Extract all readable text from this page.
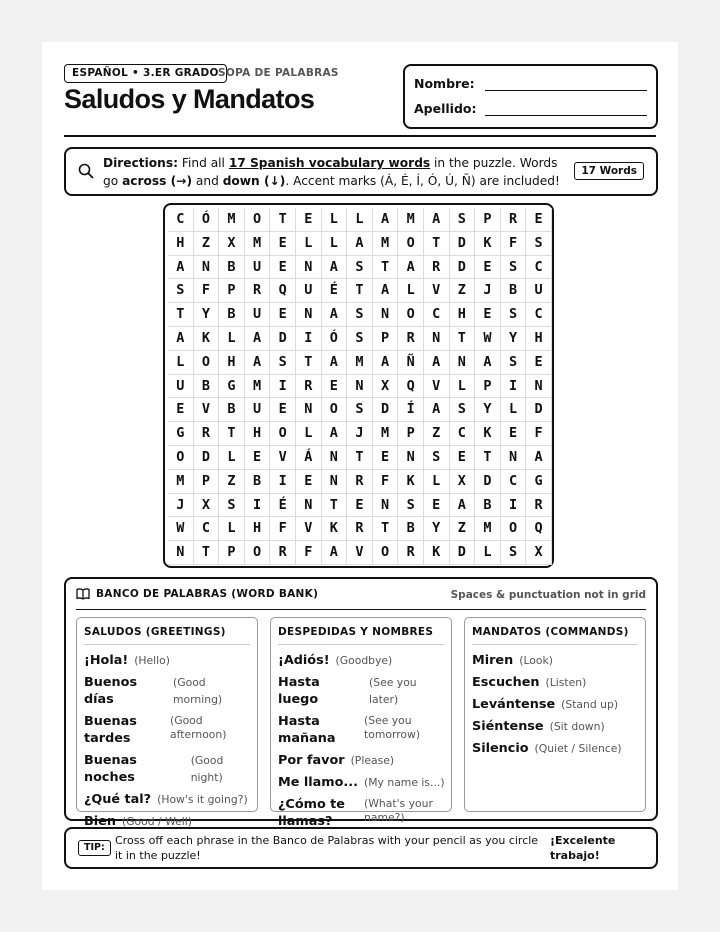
ESPAÑOL • 3.ER GRADO SOPA DE PALABRAS
Saludos y Mandatos
Nombre:
Apellido:
Directions: Find all 17 Spanish vocabulary words in the puzzle. Words go across (→) and down (↓). Accent marks (Á, É, Í, Ó, Ú, Ñ) are included!
17 Words
C	Ó	M	O	T	E	L	L	A	M	A	S	P	R	E
H	Z	X	M	E	L	L	A	M	O	T	D	K	F	S
A	N	B	U	E	N	A	S	T	A	R	D	E	S	C
S	F	P	R	Q	U	É	T	A	L	V	Z	J	B	U
T	Y	B	U	E	N	A	S	N	O	C	H	E	S	C
A	K	L	A	D	I	Ó	S	P	R	N	T	W	Y	H
L	O	H	A	S	T	A	M	A	Ñ	A	N	A	S	E
U	B	G	M	I	R	E	N	X	Q	V	L	P	I	N
E	V	B	U	E	N	O	S	D	Í	A	S	Y	L	D
G	R	T	H	O	L	A	J	M	P	Z	C	K	E	F
O	D	L	E	V	Á	N	T	E	N	S	E	T	N	A
M	P	Z	B	I	E	N	R	F	K	L	X	D	C	G
J	X	S	I	É	N	T	E	N	S	E	A	B	I	R
W	C	L	H	F	V	K	R	T	B	Y	Z	M	O	Q
N	T	P	O	R	F	A	V	O	R	K	D	L	S	X
BANCO DE PALABRAS (WORD BANK)	Spaces & punctuation not in grid
SALUDOS (GREETINGS)
¡Hola! (Hello)
Buenos días
(Good morning)
Buenas tardes
(Good afternoon)
Buenas noches
(Good night)
¿Qué tal? (How's it going?)
Bien (Good / Well)
DESPEDIDAS Y NOMBRES
¡Adiós! (Goodbye)
Hasta luego
(See you later)
Hasta mañana
(See you tomorrow)
Por favor (Please)
Me llamo... (My name is...)
¿Cómo te llamas?
(What's your name?)
MANDATOS (COMMANDS)
Miren (Look)
Escuchen (Listen)
Levántense (Stand up)
Siéntense (Sit down)
Silencio (Quiet / Silence)
TIP:
Cross off each phrase in the Banco de Palabras with your pencil as you circle it in the puzzle!
¡Excelente trabajo!
